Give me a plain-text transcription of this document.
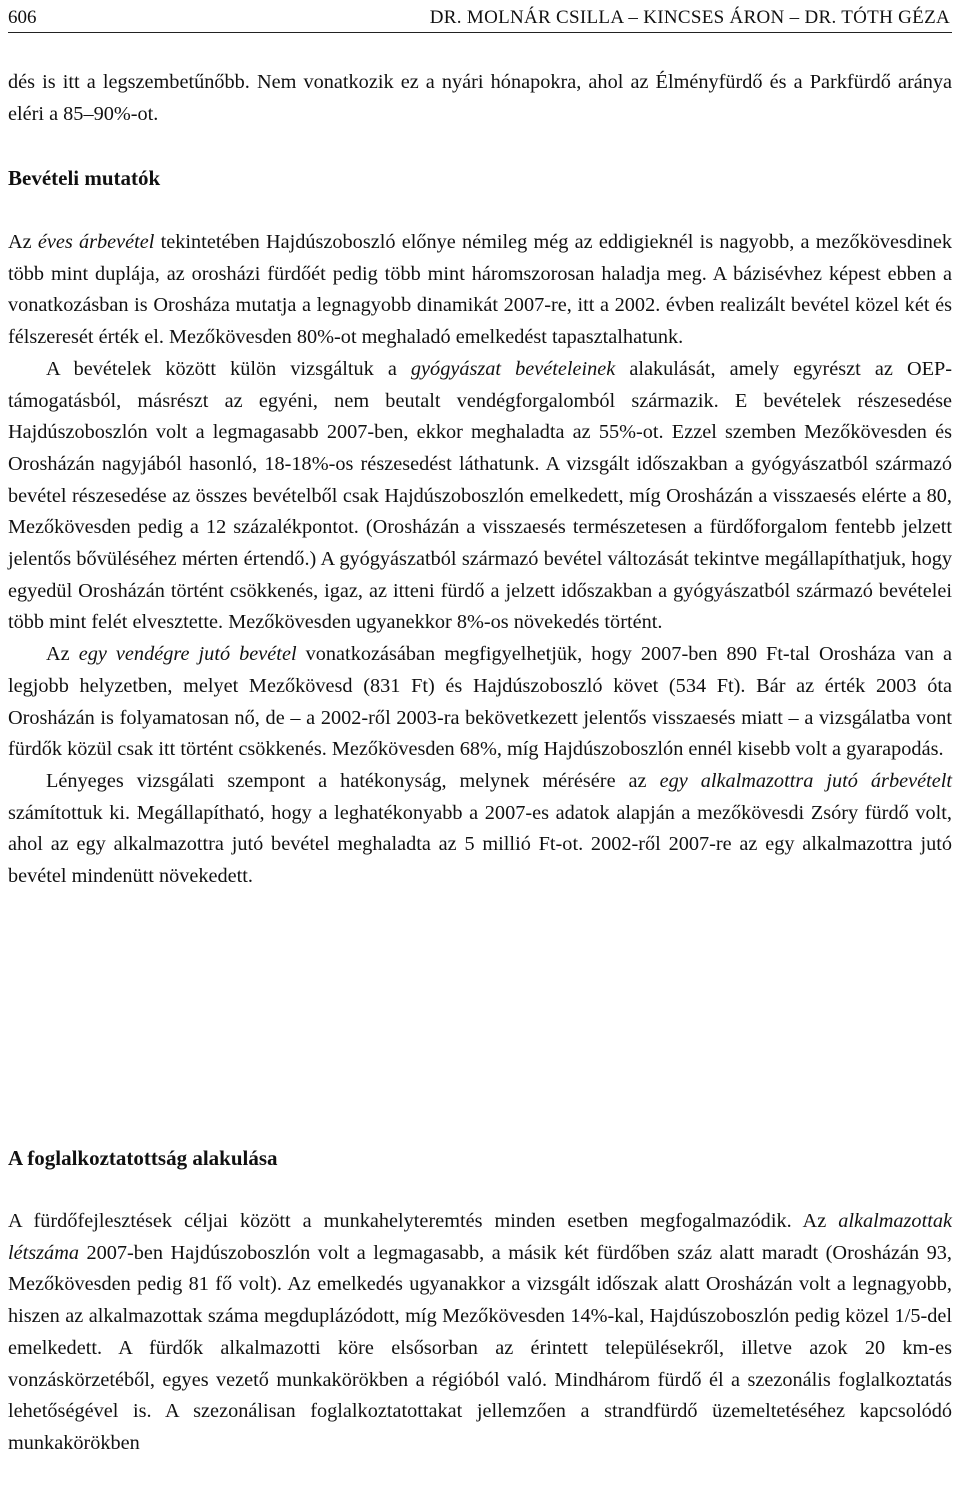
606	DR. MOLNÁR CSILLA – KINCSES ÁRON – DR. TÓTH GÉZA

dés is itt a legszembetűnőbb. Nem vonatkozik ez a nyári hónapokra, ahol az Élményfürdő és a Parkfürdő aránya eléri a 85–90%-ot.

Bevételi mutatók

Az éves árbevétel tekintetében Hajdúszoboszló előnye némileg még az eddigieknél is nagyobb, a mezőkövesdinek több mint duplája, az orosházi fürdőét pedig több mint háromszorosan haladja meg. A bázisévhez képest ebben a vonatkozásban is Orosháza mutatja a legnagyobb dinamikát 2007-re, itt a 2002. évben realizált bevétel közel két és félszeresét érték el. Mezőkövesden 80%-ot meghaladó emelkedést tapasztalhatunk.

A bevételek között külön vizsgáltuk a gyógyászat bevételeinek alakulását, amely egyrészt az OEP-támogatásból, másrészt az egyéni, nem beutalt vendégforgalomból származik. E bevételek részesedése Hajdúszoboszlón volt a legmagasabb 2007-ben, ekkor meghaladta az 55%-ot. Ezzel szemben Mezőkövesden és Orosházán nagyjából hasonló, 18-18%-os részesedést láthatunk. A vizsgált időszakban a gyógyászatból származó bevétel részesedése az összes bevételből csak Hajdúszoboszlón emelkedett, míg Orosházán a visszaesés elérte a 80, Mezőkövesden pedig a 12 százalékpontot. (Orosházán a visszaesés természetesen a fürdőforgalom fentebb jelzett jelentős bővüléséhez mérten értendő.) A gyógyászatból származó bevétel változását tekintve megállapíthatjuk, hogy egyedül Orosházán történt csökkenés, igaz, az itteni fürdő a jelzett időszakban a gyógyászatból származó bevételei több mint felét elvesztette. Mezőkövesden ugyanekkor 8%-os növekedés történt.

Az egy vendégre jutó bevétel vonatkozásában megfigyelhetjük, hogy 2007-ben 890 Ft-tal Orosháza van a legjobb helyzetben, melyet Mezőkövesd (831 Ft) és Hajdúszoboszló követ (534 Ft). Bár az érték 2003 óta Orosházán is folyamatosan nő, de – a 2002-ről 2003-ra bekövetkezett jelentős visszaesés miatt – a vizsgálatba vont fürdők közül csak itt történt csökkenés. Mezőkövesden 68%, míg Hajdúszoboszlón ennél kisebb volt a gyarapodás.

Lényeges vizsgálati szempont a hatékonyság, melynek mérésére az egy alkalmazottra jutó árbevételt számítottuk ki. Megállapítható, hogy a leghatékonyabb a 2007-es adatok alapján a mezőkövesdi Zsóry fürdő volt, ahol az egy alkalmazottra jutó bevétel meghaladta az 5 millió Ft-ot. 2002-ről 2007-re az egy alkalmazottra jutó bevétel mindenütt növekedett.

A foglalkoztatottság alakulása

A fürdőfejlesztések céljai között a munkahelyteremtés minden esetben megfogalmazódik. Az alkalmazottak létszáma 2007-ben Hajdúszoboszlón volt a legmagasabb, a másik két fürdőben száz alatt maradt (Orosházán 93, Mezőkövesden pedig 81 fő volt). Az emelkedés ugyanakkor a vizsgált időszak alatt Orosházán volt a legnagyobb, hiszen az alkalmazottak száma megduplázódott, míg Mezőkövesden 14%-kal, Hajdúszoboszlón pedig közel 1/5-del emelkedett. A fürdők alkalmazotti köre elsősorban az érintett településekről, illetve azok 20 km-es vonzáskörzetéből, egyes vezető munkakörökben a régióból való. Mindhárom fürdő él a szezonális foglalkoztatás lehetőségével is. A szezonálisan foglalkoztatottakat jellemzően a strandfürdő üzemeltetéséhez kapcsolódó munkakörökben
